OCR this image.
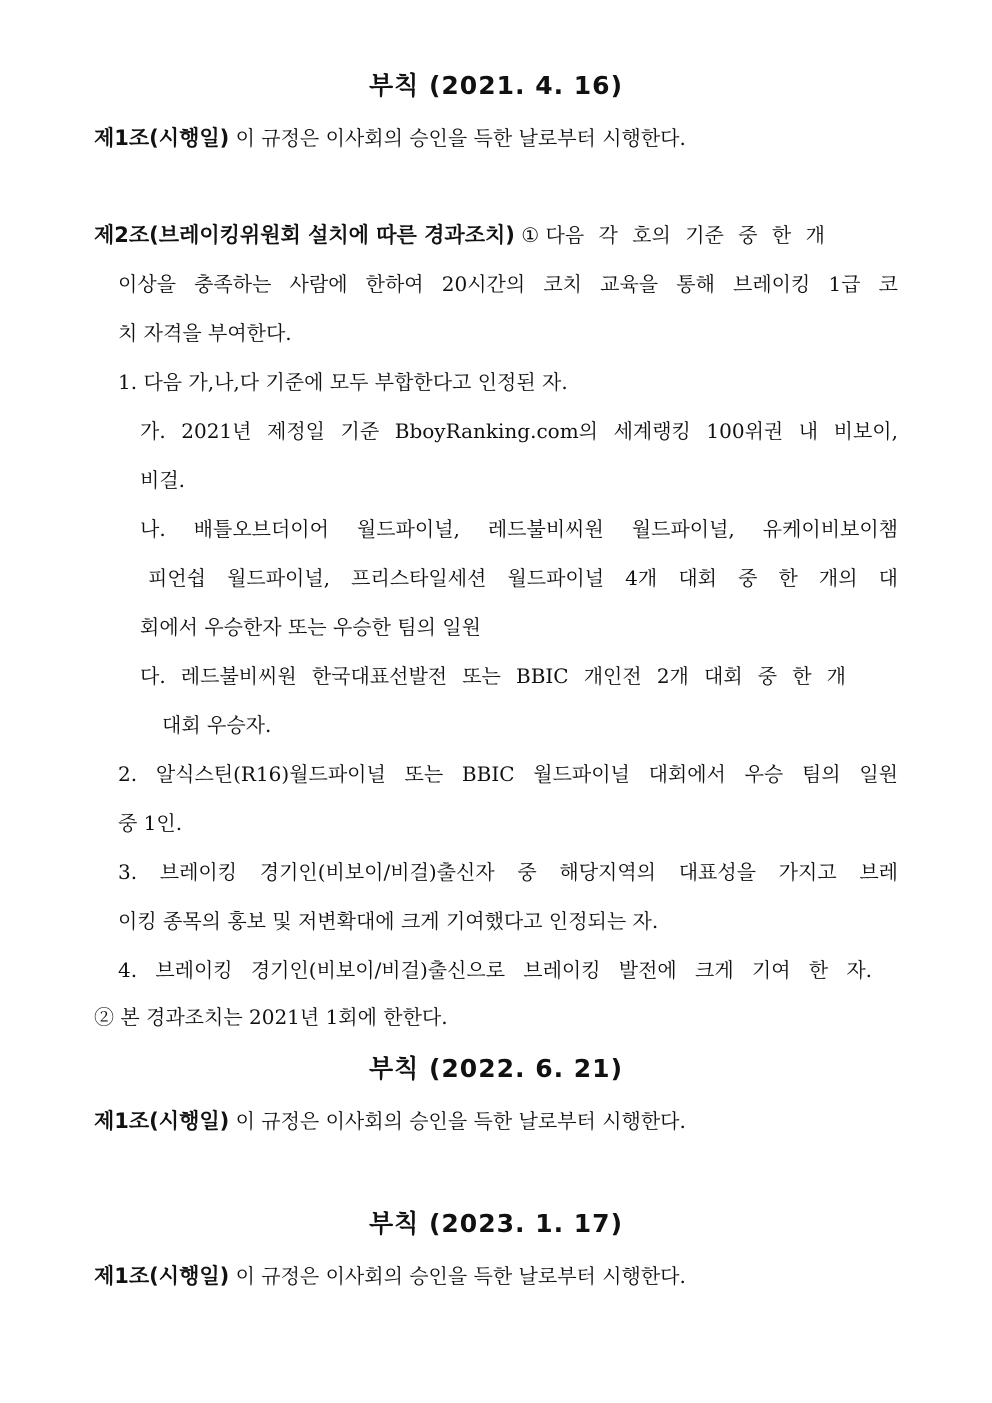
부칙 (2021. 4. 16)

제1조(시행일) 이 규정은 이사회의 승인을 득한 날로부터 시행한다.

제2조(브레이킹위원회 설치에 따른 경과조치) ① 다음 각 호의 기준 중 한 개

이상을 충족하는 사람에 한하여 20시간의 코치 교육을 통해 브레이킹 1급 코

치 자격을 부여한다.

1. 다음 가,나,다 기준에 모두 부합한다고 인정된 자.

가. 2021년 제정일 기준 BboyRanking.com의 세계랭킹 100위권 내 비보이,

비걸.

나. 배틀오브더이어 월드파이널, 레드불비씨원 월드파이널, 유케이비보이챔

피언쉽 월드파이널, 프리스타일세션 월드파이널 4개 대회 중 한 개의 대

회에서 우승한자 또는 우승한 팀의 일원

다. 레드불비씨원 한국대표선발전 또는 BBIC 개인전 2개 대회 중 한 개

대회 우승자.

2. 알식스틴(R16)월드파이널 또는 BBIC 월드파이널 대회에서 우승 팀의 일원

중 1인.

3. 브레이킹 경기인(비보이/비걸)출신자 중 해당지역의 대표성을 가지고 브레

이킹 종목의 홍보 및 저변확대에 크게 기여했다고 인정되는 자.

4. 브레이킹 경기인(비보이/비걸)출신으로 브레이킹 발전에 크게 기여 한 자.

② 본 경과조치는 2021년 1회에 한한다.

부칙 (2022. 6. 21)

제1조(시행일) 이 규정은 이사회의 승인을 득한 날로부터 시행한다.

부칙 (2023. 1. 17)

제1조(시행일) 이 규정은 이사회의 승인을 득한 날로부터 시행한다.
